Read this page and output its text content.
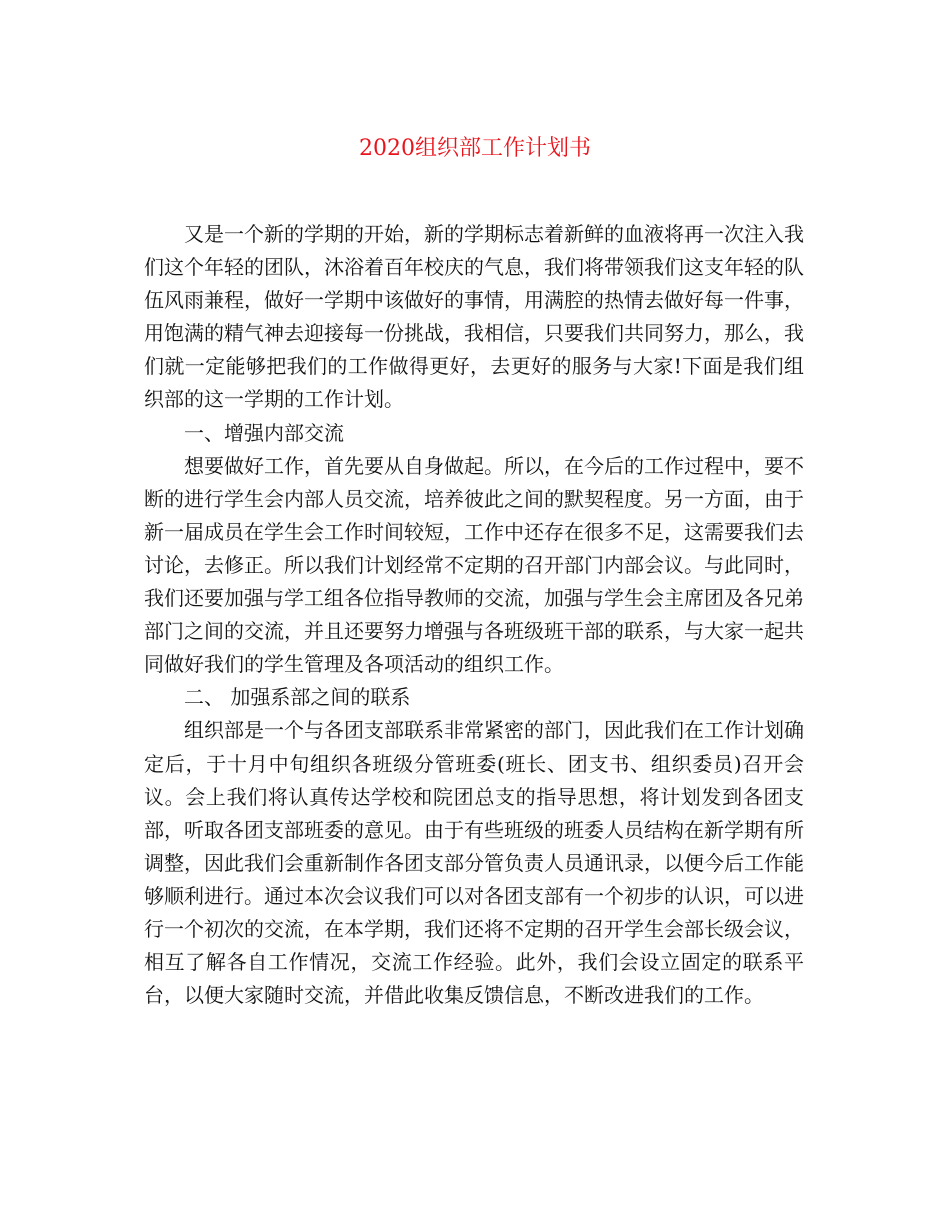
2020组织部工作计划书

又是一个新的学期的开始，新的学期标志着新鲜的血液将再一次注入我们这个年轻的团队，沐浴着百年校庆的气息，我们将带领我们这支年轻的队伍风雨兼程，做好一学期中该做好的事情，用满腔的热情去做好每一件事，用饱满的精气神去迎接每一份挑战，我相信，只要我们共同努力，那么，我们就一定能够把我们的工作做得更好，去更好的服务与大家!下面是我们组织部的这一学期的工作计划。

一、增强内部交流

想要做好工作，首先要从自身做起。所以，在今后的工作过程中，要不断的进行学生会内部人员交流，培养彼此之间的默契程度。另一方面，由于新一届成员在学生会工作时间较短，工作中还存在很多不足，这需要我们去讨论，去修正。所以我们计划经常不定期的召开部门内部会议。与此同时，我们还要加强与学工组各位指导教师的交流，加强与学生会主席团及各兄弟部门之间的交流，并且还要努力增强与各班级班干部的联系，与大家一起共同做好我们的学生管理及各项活动的组织工作。

二、 加强系部之间的联系

组织部是一个与各团支部联系非常紧密的部门，因此我们在工作计划确定后，于十月中旬组织各班级分管班委(班长、团支书、组织委员)召开会议。会上我们将认真传达学校和院团总支的指导思想，将计划发到各团支部，听取各团支部班委的意见。由于有些班级的班委人员结构在新学期有所调整，因此我们会重新制作各团支部分管负责人员通讯录，以便今后工作能够顺利进行。通过本次会议我们可以对各团支部有一个初步的认识，可以进行一个初次的交流，在本学期，我们还将不定期的召开学生会部长级会议，相互了解各自工作情况，交流工作经验。此外，我们会设立固定的联系平台，以便大家随时交流，并借此收集反馈信息，不断改进我们的工作。
